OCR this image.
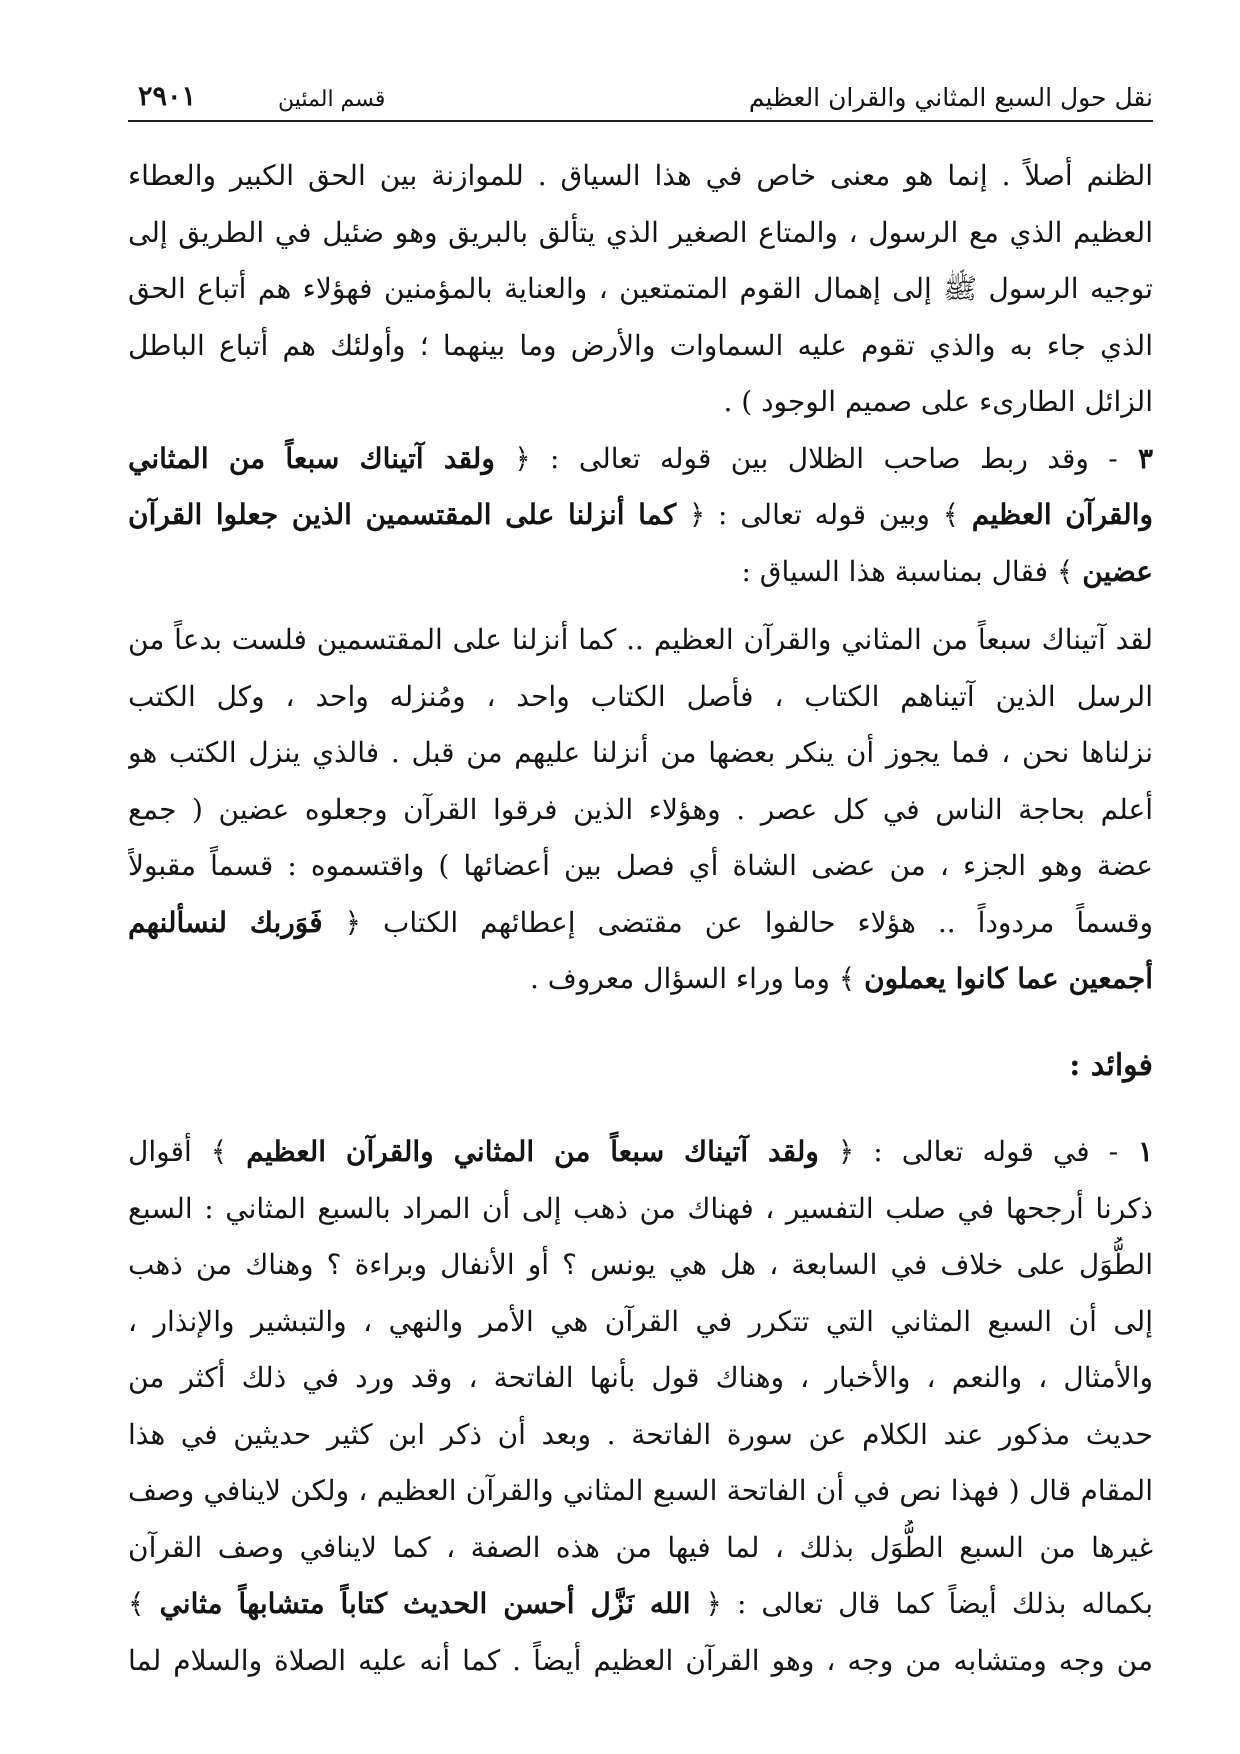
نقل حول السبع المثاني والقران العظيم
قسم المئين
٢٩٠١
الظنم أصلاً . إنما هو معنى خاص في هذا السياق . للموازنة بين الحق الكبير والعطاء
العظيم الذي مع الرسول ، والمتاع الصغير الذي يتألق بالبريق وهو ضئيل في الطريق إلى
توجيه الرسول ﷺ إلى إهمال القوم المتمتعين ، والعناية بالمؤمنين فهؤلاء هم أتباع الحق
الذي جاء به والذي تقوم عليه السماوات والأرض وما بينهما ؛ وأولئك هم أتباع الباطل
الزائل الطارىء على صميم الوجود ) .
٣ - وقد ربط صاحب الظلال بين قوله تعالى : ﴿ ولقد آتيناك سبعاً من المثاني
والقرآن العظيم ﴾ وبين قوله تعالى : ﴿ كما أنزلنا على المقتسمين الذين جعلوا القرآن
عضين ﴾ فقال بمناسبة هذا السياق :
لقد آتيناك سبعاً من المثاني والقرآن العظيم .. كما أنزلنا على المقتسمين فلست بدعاً من
الرسل الذين آتيناهم الكتاب ، فأصل الكتاب واحد ، ومُنزله واحد ، وكل الكتب
نزلناها نحن ، فما يجوز أن ينكر بعضها من أنزلنا عليهم من قبل . فالذي ينزل الكتب هو
أعلم بحاجة الناس في كل عصر . وهؤلاء الذين فرقوا القرآن وجعلوه عضين ( جمع
عضة وهو الجزء ، من عضى الشاة أي فصل بين أعضائها ) واقتسموه : قسماً مقبولاً
وقسماً مردوداً .. هؤلاء حالفوا عن مقتضى إعطائهم الكتاب ﴿ فَوَربك لنسألنهم
أجمعين عما كانوا يعملون ﴾ وما وراء السؤال معروف .
فوائد :
١ - في قوله تعالى : ﴿ ولقد آتيناك سبعاً من المثاني والقرآن العظيم ﴾ أقوال
ذكرنا أرجحها في صلب التفسير ، فهناك من ذهب إلى أن المراد بالسبع المثاني : السبع
الطُّوَل على خلاف في السابعة ، هل هي يونس ؟ أو الأنفال وبراءة ؟ وهناك من ذهب
إلى أن السبع المثاني التي تتكرر في القرآن هي الأمر والنهي ، والتبشير والإنذار ،
والأمثال ، والنعم ، والأخبار ، وهناك قول بأنها الفاتحة ، وقد ورد في ذلك أكثر من
حديث مذكور عند الكلام عن سورة الفاتحة . وبعد أن ذكر ابن كثير حديثين في هذا
المقام قال ( فهذا نص في أن الفاتحة السبع المثاني والقرآن العظيم ، ولكن لاينافي وصف
غيرها من السبع الطُّوَل بذلك ، لما فيها من هذه الصفة ، كما لاينافي وصف القرآن
بكماله بذلك أيضاً كما قال تعالى : ﴿ الله نَزَّل أحسن الحديث كتاباً متشابهاً مثاني ﴾
من وجه ومتشابه من وجه ، وهو القرآن العظيم أيضاً . كما أنه عليه الصلاة والسلام لما
